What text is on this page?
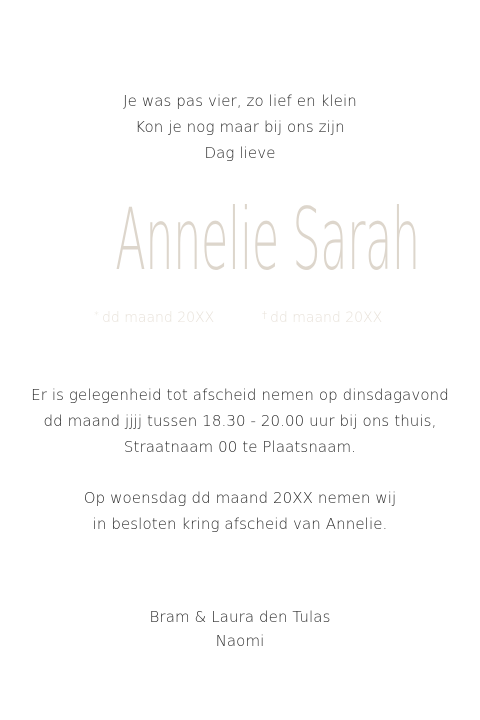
Je was pas vier, zo lief en klein
Kon je nog maar bij ons zijn
Dag lieve
Annelie Sarah
* dd maand 20XX	† dd maand 20XX
Er is gelegenheid tot afscheid nemen op dinsdagavond
dd maand jjjj tussen 18.30 - 20.00 uur bij ons thuis,
Straatnaam 00 te Plaatsnaam.
Op woensdag dd maand 20XX nemen wij
in besloten kring afscheid van Annelie.
Bram & Laura den Tulas
Naomi
